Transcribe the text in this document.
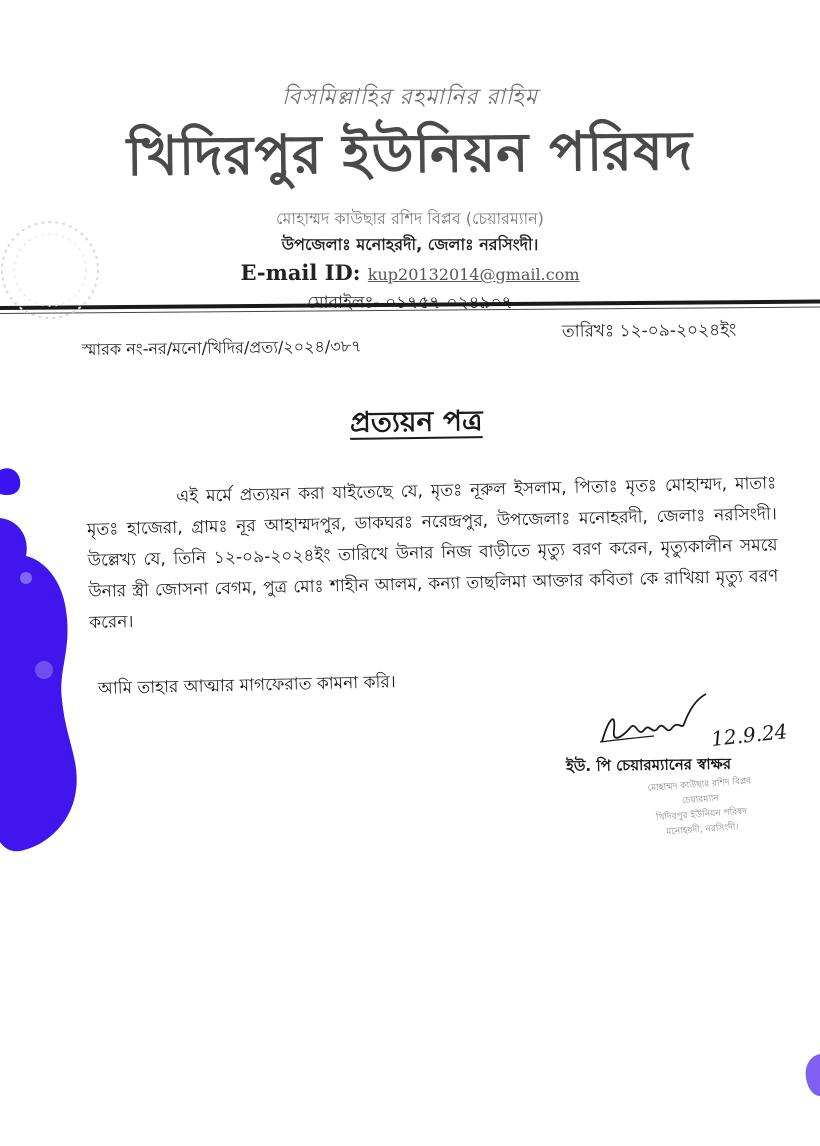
বিসমিল্লাহির রহমানির রাহিম
খিদিরপুর ইউনিয়ন পরিষদ
মোহাম্মদ কাউছার রশিদ বিপ্লব (চেয়ারম্যান)
উপজেলাঃ মনোহরদী, জেলাঃ নরসিংদী।
E-mail ID: kup20132014@gmail.com
স্মারক নং-নর/মনো/খিদির/প্রত্য/২০২৪/৩৮৭
তারিখঃ ১২-০৯-২০২৪ইং
প্রত্যয়ন পত্র
এই মর্মে প্রত্যয়ন করা যাইতেছে যে, মৃতঃ নূরুল ইসলাম, পিতাঃ মৃতঃ মোহাম্মদ, মাতাঃ মৃতঃ হাজেরা, গ্রামঃ নূর আহাম্মদপুর, ডাকঘরঃ নরেন্দ্রপুর, উপজেলাঃ মনোহরদী, জেলাঃ নরসিংদী। উল্লেখ্য যে, তিনি ১২-০৯-২০২৪ইং তারিখে উনার নিজ বাড়ীতে মৃত্যু বরণ করেন, মৃত্যুকালীন সময়ে উনার স্ত্রী জোসনা বেগম, পুত্র মোঃ শাহীন আলম, কন্যা তাছলিমা আক্তার কবিতা কে রাখিয়া মৃত্যু বরণ করেন।
আমি তাহার আত্মার মাগফেরাত কামনা করি।
12.9.24
ইউ. পি চেয়ারম্যানের স্বাক্ষর
মোহাম্মদ কাউছার রশিদ বিপ্লব
চেয়ারম্যান
খিদিরপুর ইউনিয়ন পরিষদ
মনোহরদী, নরসিংদী।
